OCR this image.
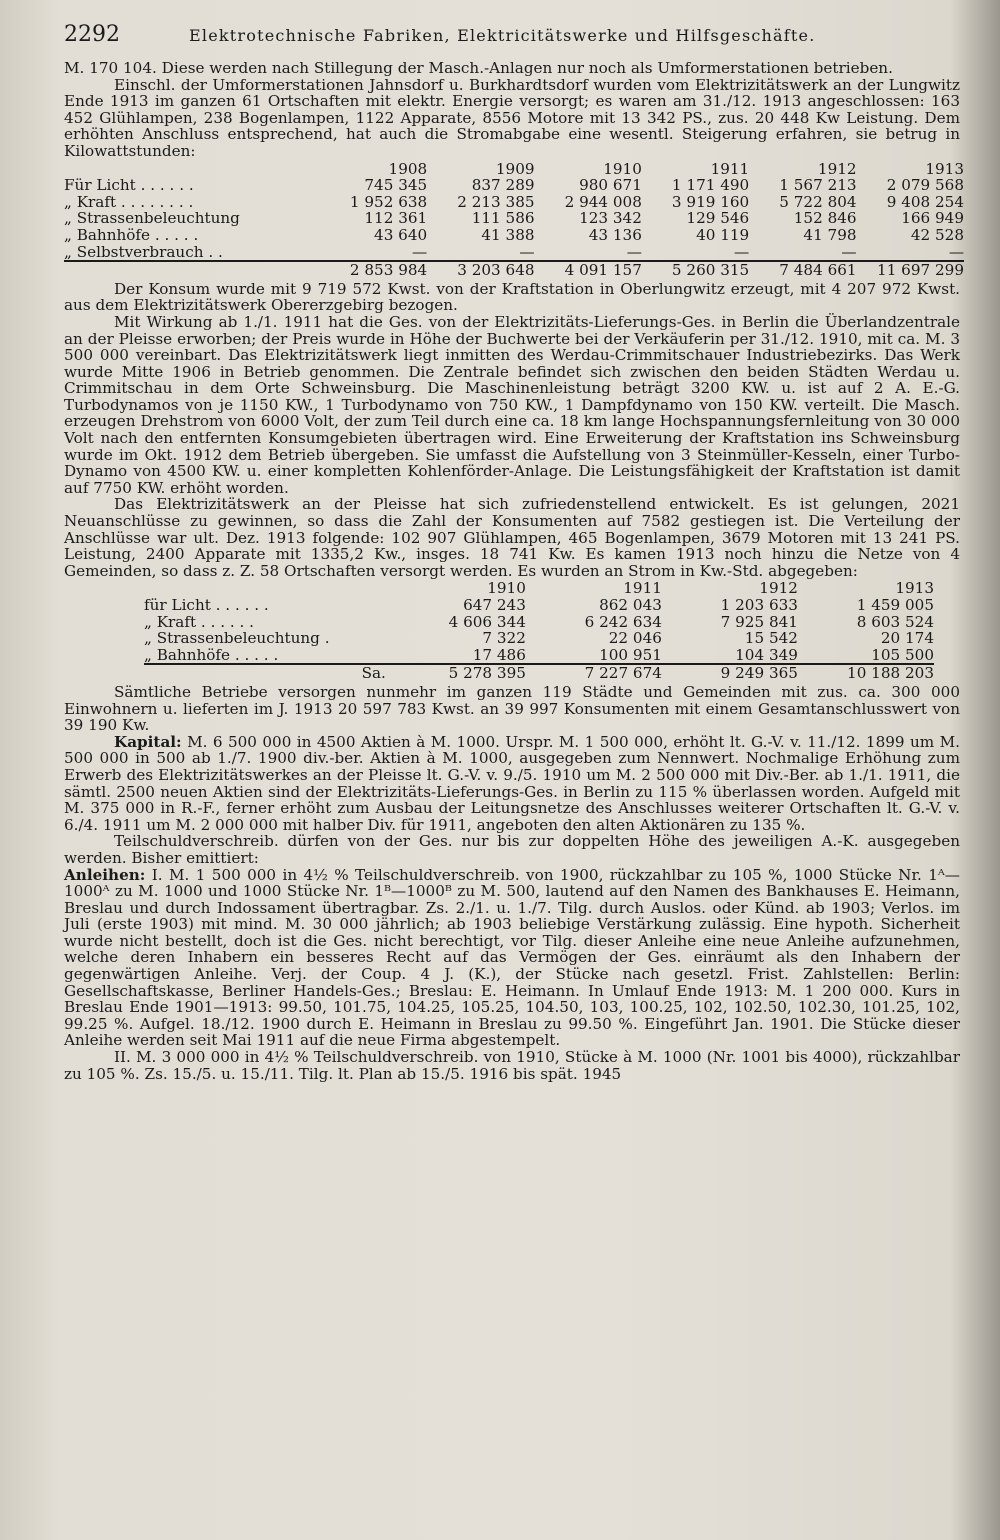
2292	Elektrotechnische Fabriken, Elektricitätswerke und Hilfsgeschäfte.

M. 170 104. Diese werden nach Stillegung der Masch.-Anlagen nur noch als Umformerstationen betrieben.

Einschl. der Umformerstationen Jahnsdorf u. Burkhardtsdorf wurden vom Elektrizitätswerk an der Lungwitz Ende 1913 im ganzen 61 Ortschaften mit elektr. Energie versorgt; es waren am 31./12. 1913 angeschlossen: 163 452 Glühlampen, 238 Bogenlampen, 1122 Apparate, 8556 Motore mit 13 342 PS., zus. 20 448 Kw Leistung. Dem erhöhten Anschluss entsprechend, hat auch die Stromabgabe eine wesentl. Steigerung erfahren, sie betrug in Kilowattstunden:

	1908	1909	1910	1911	1912	1913
Für Licht . . . . . .	745 345	837 289	980 671	1 171 490	1 567 213	2 079 568
„ Kraft . . . . . . . .	1 952 638	2 213 385	2 944 008	3 919 160	5 722 804	9 408 254
„ Strassenbeleuchtung	112 361	111 586	123 342	129 546	152 846	166 949
„ Bahnhöfe . . . . .	43 640	41 388	43 136	40 119	41 798	42 528
„ Selbstverbrauch . .	—	—	—	—	—	—
	2 853 984	3 203 648	4 091 157	5 260 315	7 484 661	11 697 299

Der Konsum wurde mit 9 719 572 Kwst. von der Kraftstation in Oberlungwitz erzeugt, mit 4 207 972 Kwst. aus dem Elektrizitätswerk Obererzgebirg bezogen.

Mit Wirkung ab 1./1. 1911 hat die Ges. von der Elektrizitäts-Lieferungs-Ges. in Berlin die Überlandzentrale an der Pleisse erworben; der Preis wurde in Höhe der Buchwerte bei der Verkäuferin per 31./12. 1910, mit ca. M. 3 500 000 vereinbart. Das Elektrizitätswerk liegt inmitten des Werdau-Crimmitschauer Industriebezirks. Das Werk wurde Mitte 1906 in Betrieb genommen. Die Zentrale befindet sich zwischen den beiden Städten Werdau u. Crimmitschau in dem Orte Schweinsburg. Die Maschinenleistung beträgt 3200 KW. u. ist auf 2 A. E.-G. Turbodynamos von je 1150 KW., 1 Turbodynamo von 750 KW., 1 Dampfdynamo von 150 KW. verteilt. Die Masch. erzeugen Drehstrom von 6000 Volt, der zum Teil durch eine ca. 18 km lange Hochspannungsfernleitung von 30 000 Volt nach den entfernten Konsumgebieten übertragen wird. Eine Erweiterung der Kraftstation ins Schweinsburg wurde im Okt. 1912 dem Betrieb übergeben. Sie umfasst die Aufstellung von 3 Steinmüller-Kesseln, einer Turbo-Dynamo von 4500 KW. u. einer kompletten Kohlenförder-Anlage. Die Leistungsfähigkeit der Kraftstation ist damit auf 7750 KW. erhöht worden.

Das Elektrizitätswerk an der Pleisse hat sich zufriedenstellend entwickelt. Es ist gelungen, 2021 Neuanschlüsse zu gewinnen, so dass die Zahl der Konsumenten auf 7582 gestiegen ist. Die Verteilung der Anschlüsse war ult. Dez. 1913 folgende: 102 907 Glühlampen, 465 Bogenlampen, 3679 Motoren mit 13 241 PS. Leistung, 2400 Apparate mit 1335,2 Kw., insges. 18 741 Kw. Es kamen 1913 noch hinzu die Netze von 4 Gemeinden, so dass z. Z. 58 Ortschaften versorgt werden. Es wurden an Strom in Kw.-Std. abgegeben:

	1910	1911	1912	1913
für Licht . . . . . .	647 243	862 043	1 203 633	1 459 005
„ Kraft . . . . . .	4 606 344	6 242 634	7 925 841	8 603 524
„ Strassenbeleuchtung .	7 322	22 046	15 542	20 174
„ Bahnhöfe . . . . .	17 486	100 951	104 349	105 500
Sa.	5 278 395	7 227 674	9 249 365	10 188 203

Sämtliche Betriebe versorgen nunmehr im ganzen 119 Städte und Gemeinden mit zus. ca. 300 000 Einwohnern u. lieferten im J. 1913 20 597 783 Kwst. an 39 997 Konsumenten mit einem Gesamtanschlusswert von 39 190 Kw.

Kapital: M. 6 500 000 in 4500 Aktien à M. 1000. Urspr. M. 1 500 000, erhöht lt. G.-V. v. 11./12. 1899 um M. 500 000 in 500 ab 1./7. 1900 div.-ber. Aktien à M. 1000, ausgegeben zum Nennwert. Nochmalige Erhöhung zum Erwerb des Elektrizitätswerkes an der Pleisse lt. G.-V. v. 9./5. 1910 um M. 2 500 000 mit Div.-Ber. ab 1./1. 1911, die sämtl. 2500 neuen Aktien sind der Elektrizitäts-Lieferungs-Ges. in Berlin zu 115 % überlassen worden. Aufgeld mit M. 375 000 in R.-F., ferner erhöht zum Ausbau der Leitungsnetze des Anschlusses weiterer Ortschaften lt. G.-V. v. 6./4. 1911 um M. 2 000 000 mit halber Div. für 1911, angeboten den alten Aktionären zu 135 %.

Teilschuldverschreib. dürfen von der Ges. nur bis zur doppelten Höhe des jeweiligen A.-K. ausgegeben werden. Bisher emittiert:

Anleihen: I. M. 1 500 000 in 4½ % Teilschuldverschreib. von 1900, rückzahlbar zu 105 %, 1000 Stücke Nr. 1ᴬ—1000ᴬ zu M. 1000 und 1000 Stücke Nr. 1ᴮ—1000ᴮ zu M. 500, lautend auf den Namen des Bankhauses E. Heimann, Breslau und durch Indossament übertragbar. Zs. 2./1. u. 1./7. Tilg. durch Auslos. oder Künd. ab 1903; Verlos. im Juli (erste 1903) mit mind. M. 30 000 jährlich; ab 1903 beliebige Verstärkung zulässig. Eine hypoth. Sicherheit wurde nicht bestellt, doch ist die Ges. nicht berechtigt, vor Tilg. dieser Anleihe eine neue Anleihe aufzunehmen, welche deren Inhabern ein besseres Recht auf das Vermögen der Ges. einräumt als den Inhabern der gegenwärtigen Anleihe. Verj. der Coup. 4 J. (K.), der Stücke nach gesetzl. Frist. Zahlstellen: Berlin: Gesellschaftskasse, Berliner Handels-Ges.; Breslau: E. Heimann. In Umlauf Ende 1913: M. 1 200 000. Kurs in Breslau Ende 1901—1913: 99.50, 101.75, 104.25, 105.25, 104.50, 103, 100.25, 102, 102.50, 102.30, 101.25, 102, 99.25 %. Aufgel. 18./12. 1900 durch E. Heimann in Breslau zu 99.50 %. Eingeführt Jan. 1901. Die Stücke dieser Anleihe werden seit Mai 1911 auf die neue Firma abgestempelt.

II. M. 3 000 000 in 4½ % Teilschuldverschreib. von 1910, Stücke à M. 1000 (Nr. 1001 bis 4000), rückzahlbar zu 105 %. Zs. 15./5. u. 15./11. Tilg. lt. Plan ab 15./5. 1916 bis spät. 1945
